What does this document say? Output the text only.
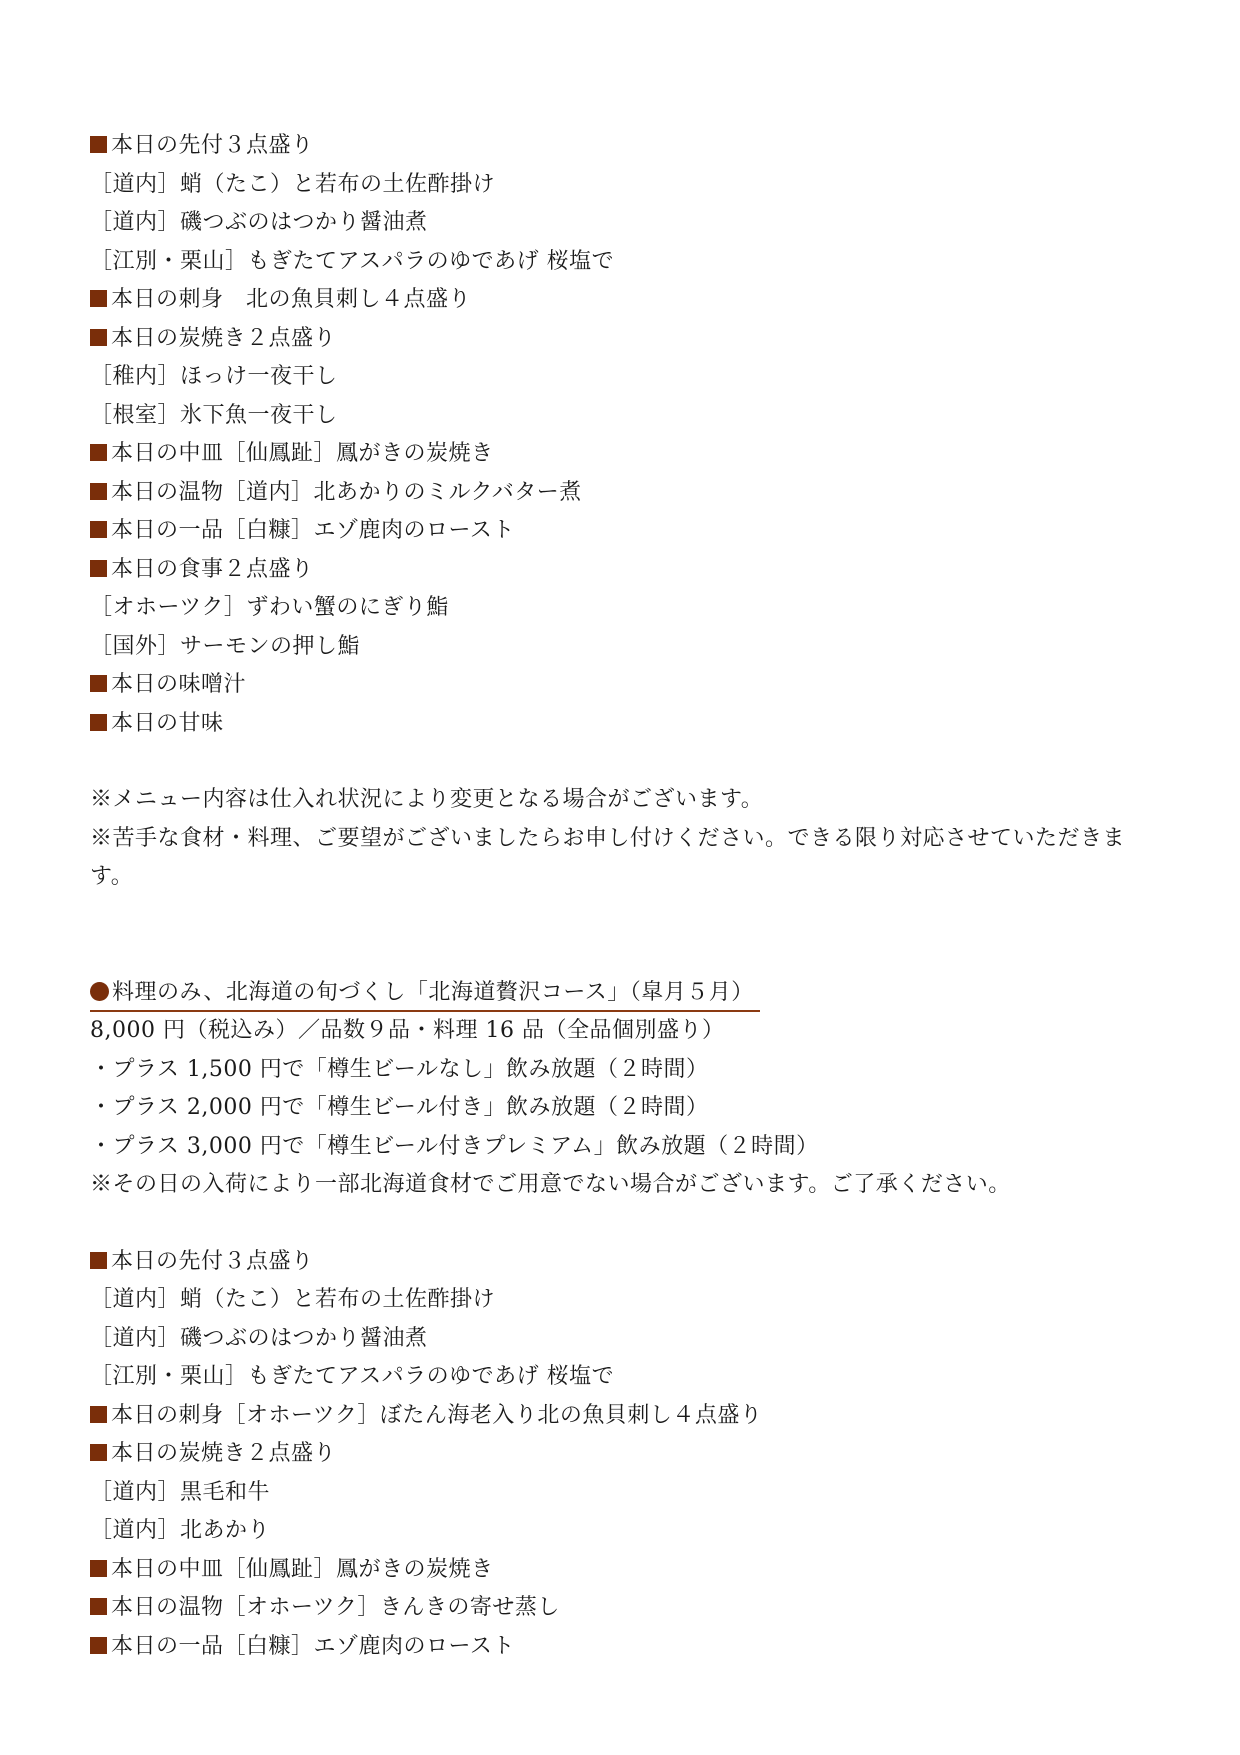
本日の先付３点盛り
［道内］蛸（たこ）と若布の土佐酢掛け
［道内］磯つぶのはつかり醤油煮
［江別・栗山］もぎたてアスパラのゆであげ 桜塩で
本日の刺身　北の魚貝刺し４点盛り
本日の炭焼き２点盛り
［稚内］ほっけ一夜干し
［根室］氷下魚一夜干し
本日の中皿［仙鳳趾］鳳がきの炭焼き
本日の温物［道内］北あかりのミルクバター煮
本日の一品［白糠］エゾ鹿肉のロースト
本日の食事２点盛り
［オホーツク］ずわい蟹のにぎり鮨
［国外］サーモンの押し鮨
本日の味噌汁
本日の甘味
※メニュー内容は仕入れ状況により変更となる場合がございます。
※苦手な食材・料理、ご要望がございましたらお申し付けください。できる限り対応させていただきます。
料理のみ、北海道の旬づくし「北海道贅沢コース」（皐月５月）
8,000 円（税込み）／品数９品・料理 16 品（全品個別盛り）
・プラス 1,500 円で「樽生ビールなし」飲み放題（２時間）
・プラス 2,000 円で「樽生ビール付き」飲み放題（２時間）
・プラス 3,000 円で「樽生ビール付きプレミアム」飲み放題（２時間）
※その日の入荷により一部北海道食材でご用意でない場合がございます。ご了承ください。
本日の先付３点盛り
［道内］蛸（たこ）と若布の土佐酢掛け
［道内］磯つぶのはつかり醤油煮
［江別・栗山］もぎたてアスパラのゆであげ 桜塩で
本日の刺身［オホーツク］ぼたん海老入り北の魚貝刺し４点盛り
本日の炭焼き２点盛り
［道内］黒毛和牛
［道内］北あかり
本日の中皿［仙鳳趾］鳳がきの炭焼き
本日の温物［オホーツク］きんきの寄せ蒸し
本日の一品［白糠］エゾ鹿肉のロースト
